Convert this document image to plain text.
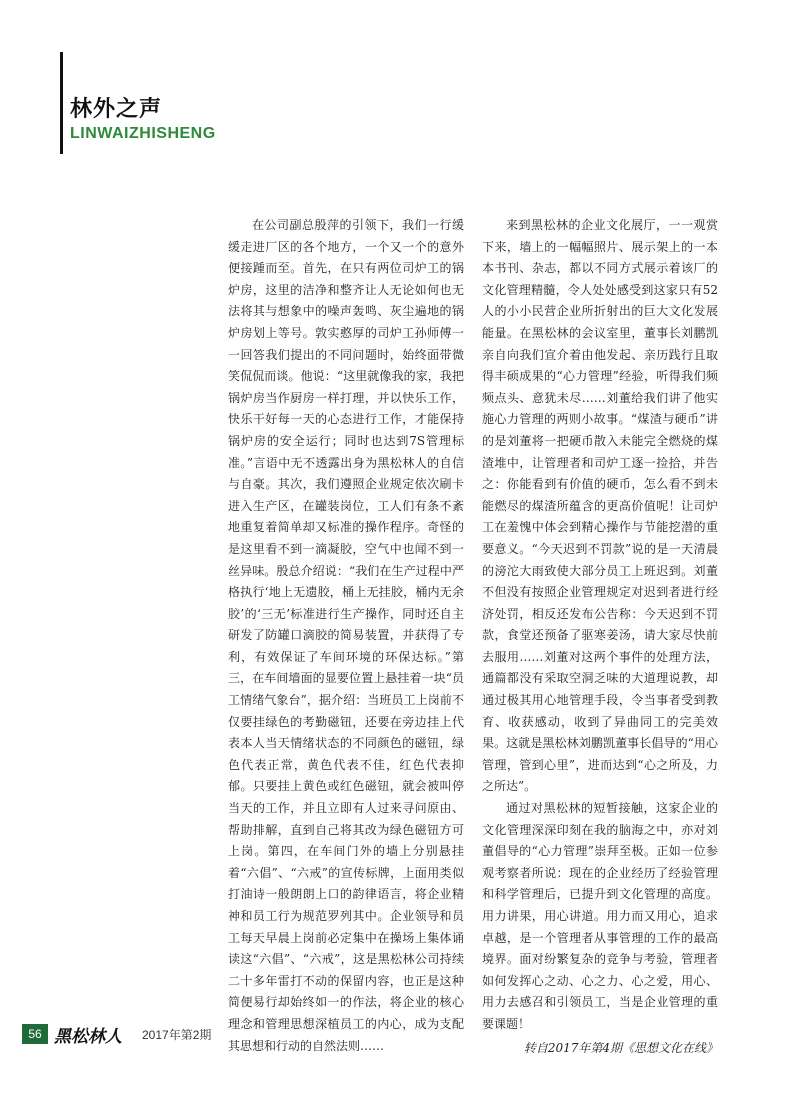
林外之声
LINWAIZHISHENG

在公司副总殷萍的引领下，我们一行缓缓走进厂区的各个地方，一个又一个的意外便接踵而至。首先，在只有两位司炉工的锅炉房，这里的洁净和整齐让人无论如何也无法将其与想象中的噪声轰鸣、灰尘遍地的锅炉房划上等号。敦实憨厚的司炉工孙师傅一一回答我们提出的不同问题时，始终面带微笑侃侃而谈。他说：“这里就像我的家，我把锅炉房当作厨房一样打理，并以快乐工作，快乐干好每一天的心态进行工作，才能保持锅炉房的安全运行；同时也达到7S管理标准。”言语中无不透露出身为黑松林人的自信与自豪。其次，我们遵照企业规定依次刷卡进入生产区，在罐装岗位，工人们有条不紊地重复着简单却又标准的操作程序。奇怪的是这里看不到一滴凝胶，空气中也闻不到一丝异味。殷总介绍说：“我们在生产过程中严格执行‘地上无遗胶，桶上无挂胶，桶内无余胶’的‘三无’标准进行生产操作，同时还自主研发了防罐口滴胶的简易装置，并获得了专利，有效保证了车间环境的环保达标。”第三，在车间墙面的显要位置上悬挂着一块“员工情绪气象台”，据介绍：当班员工上岗前不仅要挂绿色的考勤磁钮，还要在旁边挂上代表本人当天情绪状态的不同颜色的磁钮，绿色代表正常，黄色代表不佳，红色代表抑郁。只要挂上黄色或红色磁钮，就会被叫停当天的工作，并且立即有人过来寻问原由、帮助排解，直到自己将其改为绿色磁钮方可上岗。第四，在车间门外的墙上分别悬挂着“六倡”、“六戒”的宣传标牌，上面用类似打油诗一般朗朗上口的韵律语言，将企业精神和员工行为规范罗列其中。企业领导和员工每天早晨上岗前必定集中在操场上集体诵读这“六倡”、“六戒”，这是黑松林公司持续二十多年雷打不动的保留内容，也正是这种简便易行却始终如一的作法，将企业的核心理念和管理思想深植员工的内心，成为支配其思想和行动的自然法则……

来到黑松林的企业文化展厅，一一观赏下来，墙上的一幅幅照片、展示架上的一本本书刊、杂志，都以不同方式展示着该厂的文化管理精髓，令人处处感受到这家只有52人的小小民营企业所折射出的巨大文化发展能量。在黑松林的会议室里，董事长刘鹏凯亲自向我们宣介着由他发起、亲历践行且取得丰硕成果的“心力管理”经验，听得我们频频点头、意犹未尽……刘董给我们讲了他实施心力管理的两则小故事。“煤渣与硬币”讲的是刘董将一把硬币散入未能完全燃烧的煤渣堆中，让管理者和司炉工逐一捡拾，并告之：你能看到有价值的硬币，怎么看不到未能燃尽的煤渣所蕴含的更高价值呢！让司炉工在羞愧中体会到精心操作与节能挖潜的重要意义。“今天迟到不罚款”说的是一天清晨的滂沱大雨致使大部分员工上班迟到。刘董不但没有按照企业管理规定对迟到者进行经济处罚，相反还发布公告称：今天迟到不罚款，食堂还预备了驱寒姜汤，请大家尽快前去服用……刘董对这两个事件的处理方法，通篇都没有采取空洞乏味的大道理说教，却通过极其用心地管理手段，令当事者受到教育、收获感动，收到了异曲同工的完美效果。这就是黑松林刘鹏凯董事长倡导的“用心管理，管到心里”，进而达到“心之所及，力之所达”。

通过对黑松林的短暂接触，这家企业的文化管理深深印刻在我的脑海之中，亦对刘董倡导的“心力管理”崇拜至极。正如一位参观考察者所说：现在的企业经历了经验管理和科学管理后，已提升到文化管理的高度。用力讲果，用心讲道。用力而又用心，追求卓越，是一个管理者从事管理的工作的最高境界。面对纷繁复杂的竞争与考验，管理者如何发挥心之动、心之力、心之爱，用心、用力去感召和引领员工，当是企业管理的重要课题！

转自2017年第4期《思想文化在线》
56 黑松林人 2017年第2期
